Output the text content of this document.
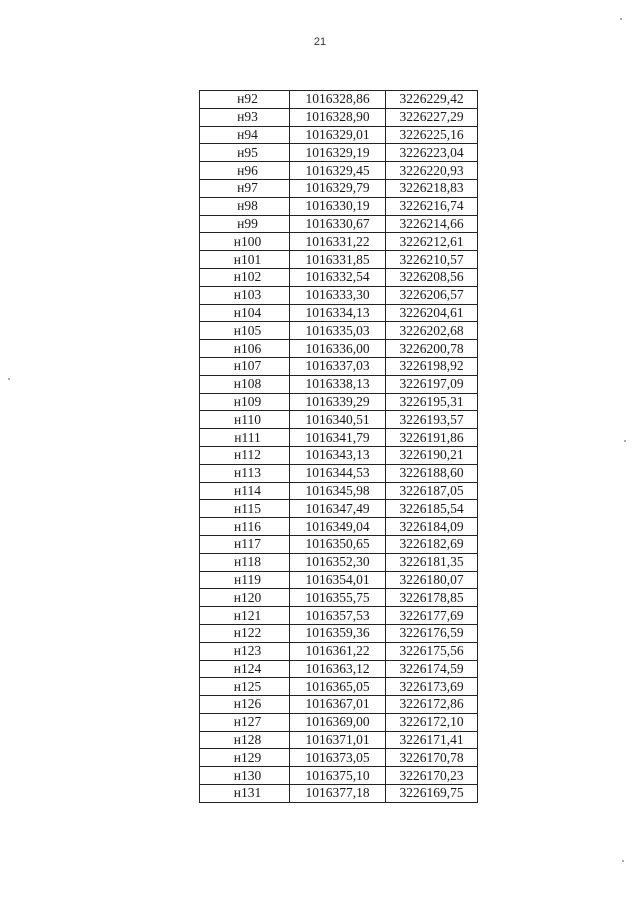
21
н92	1016328,86	3226229,42
н93	1016328,90	3226227,29
н94	1016329,01	3226225,16
н95	1016329,19	3226223,04
н96	1016329,45	3226220,93
н97	1016329,79	3226218,83
н98	1016330,19	3226216,74
н99	1016330,67	3226214,66
н100	1016331,22	3226212,61
н101	1016331,85	3226210,57
н102	1016332,54	3226208,56
н103	1016333,30	3226206,57
н104	1016334,13	3226204,61
н105	1016335,03	3226202,68
н106	1016336,00	3226200,78
н107	1016337,03	3226198,92
н108	1016338,13	3226197,09
н109	1016339,29	3226195,31
н110	1016340,51	3226193,57
н111	1016341,79	3226191,86
н112	1016343,13	3226190,21
н113	1016344,53	3226188,60
н114	1016345,98	3226187,05
н115	1016347,49	3226185,54
н116	1016349,04	3226184,09
н117	1016350,65	3226182,69
н118	1016352,30	3226181,35
н119	1016354,01	3226180,07
н120	1016355,75	3226178,85
н121	1016357,53	3226177,69
н122	1016359,36	3226176,59
н123	1016361,22	3226175,56
н124	1016363,12	3226174,59
н125	1016365,05	3226173,69
н126	1016367,01	3226172,86
н127	1016369,00	3226172,10
н128	1016371,01	3226171,41
н129	1016373,05	3226170,78
н130	1016375,10	3226170,23
н131	1016377,18	3226169,75
